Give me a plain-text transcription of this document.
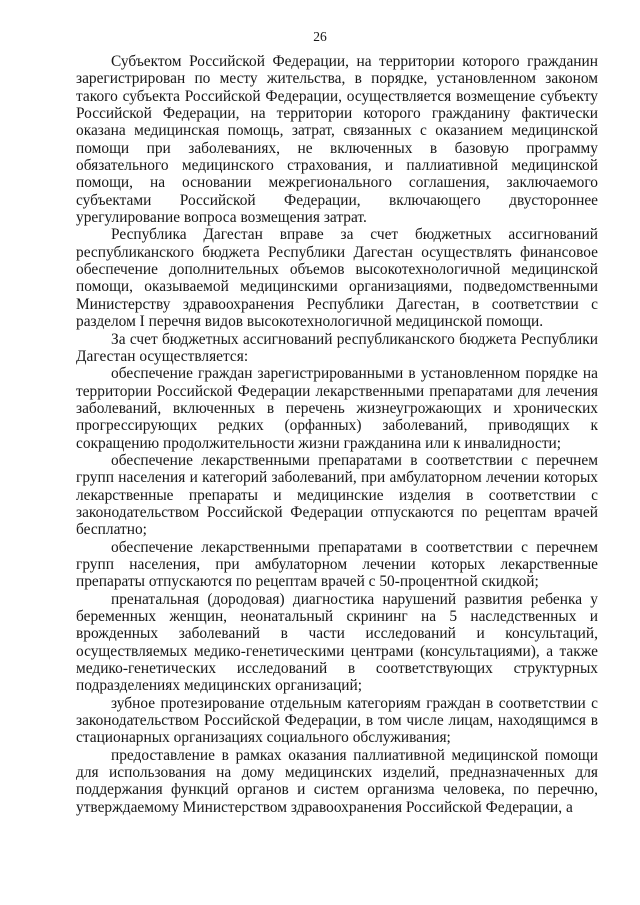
26

Субъектом Российской Федерации, на территории которого гражданин зарегистрирован по месту жительства, в порядке, установленном законом такого субъекта Российской Федерации, осуществляется возмещение субъекту Российской Федерации, на территории которого гражданину фактически оказана медицинская помощь, затрат, связанных с оказанием медицинской помощи при заболеваниях, не включенных в базовую программу обязательного медицинского страхования, и паллиативной медицинской помощи, на основании межрегионального соглашения, заключаемого субъектами Российской Федерации, включающего двустороннее урегулирование вопроса возмещения затрат.

Республика Дагестан вправе за счет бюджетных ассигнований республиканского бюджета Республики Дагестан осуществлять финансовое обеспечение дополнительных объемов высокотехнологичной медицинской помощи, оказываемой медицинскими организациями, подведомственными Министерству здравоохранения Республики Дагестан, в соответствии с разделом I перечня видов высокотехнологичной медицинской помощи.

За счет бюджетных ассигнований республиканского бюджета Республики Дагестан осуществляется:

обеспечение граждан зарегистрированными в установленном порядке на территории Российской Федерации лекарственными препаратами для лечения заболеваний, включенных в перечень жизнеугрожающих и хронических прогрессирующих редких (орфанных) заболеваний, приводящих к сокращению продолжительности жизни гражданина или к инвалидности;

обеспечение лекарственными препаратами в соответствии с перечнем групп населения и категорий заболеваний, при амбулаторном лечении которых лекарственные препараты и медицинские изделия в соответствии с законодательством Российской Федерации отпускаются по рецептам врачей бесплатно;

обеспечение лекарственными препаратами в соответствии с перечнем групп населения, при амбулаторном лечении которых лекарственные препараты отпускаются по рецептам врачей с 50-процентной скидкой;

пренатальная (дородовая) диагностика нарушений развития ребенка у беременных женщин, неонатальный скрининг на 5 наследственных и врожденных заболеваний в части исследований и консультаций, осуществляемых медико-генетическими центрами (консультациями), а также медико-генетических исследований в соответствующих структурных подразделениях медицинских организаций;

зубное протезирование отдельным категориям граждан в соответствии с законодательством Российской Федерации, в том числе лицам, находящимся в стационарных организациях социального обслуживания;

предоставление в рамках оказания паллиативной медицинской помощи для использования на дому медицинских изделий, предназначенных для поддержания функций органов и систем организма человека, по перечню, утверждаемому Министерством здравоохранения Российской Федерации, а
